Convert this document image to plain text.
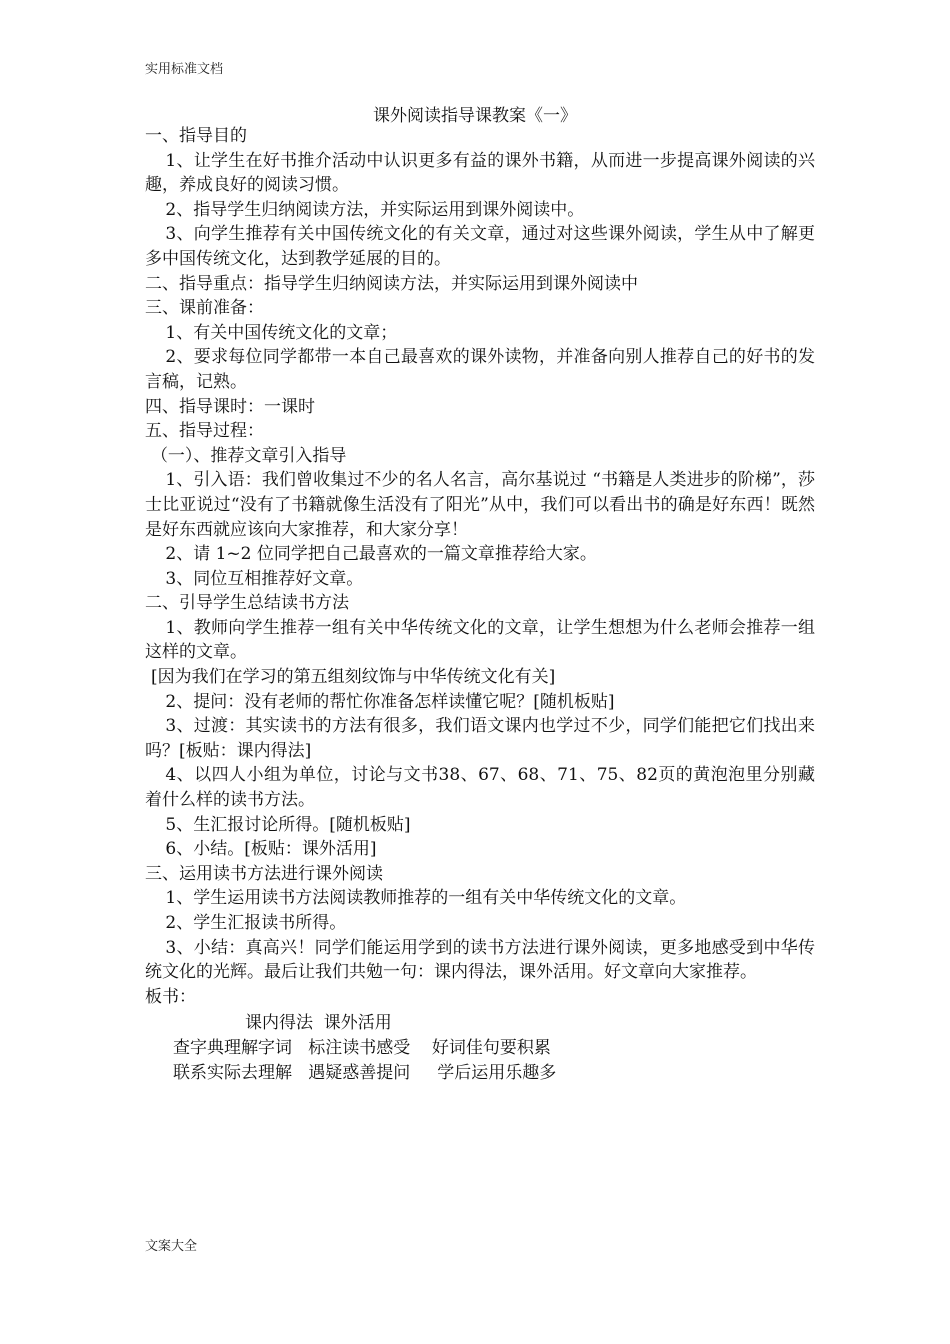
实用标准文档
课外阅读指导课教案《一》

一、指导目的

1、让学生在好书推介活动中认识更多有益的课外书籍，从而进一步提高课外阅读的兴趣，养成良好的阅读习惯。

2、指导学生归纳阅读方法，并实际运用到课外阅读中。

3、向学生推荐有关中国传统文化的有关文章，通过对这些课外阅读，学生从中了解更多中国传统文化，达到教学延展的目的。

二、指导重点：指导学生归纳阅读方法，并实际运用到课外阅读中

三、课前准备：

1、有关中国传统文化的文章；

2、要求每位同学都带一本自己最喜欢的课外读物，并准备向别人推荐自己的好书的发言稿，记熟。

四、指导课时：一课时

五、指导过程：

（一）、推荐文章引入指导

1、引入语：我们曾收集过不少的名人名言，高尔基说过 “书籍是人类进步的阶梯”，莎士比亚说过“没有了书籍就像生活没有了阳光”从中，我们可以看出书的确是好东西！既然是好东西就应该向大家推荐，和大家分享！

2、请 1~2 位同学把自己最喜欢的一篇文章推荐给大家。

3、同位互相推荐好文章。

二、引导学生总结读书方法

1、教师向学生推荐一组有关中华传统文化的文章，让学生想想为什么老师会推荐一组这样的文章。

[因为我们在学习的第五组刻纹饰与中华传统文化有关]

2、提问：没有老师的帮忙你准备怎样读懂它呢？[随机板贴]

3、过渡：其实读书的方法有很多，我们语文课内也学过不少，同学们能把它们找出来吗？[板贴：课内得法]

4、以四人小组为单位，讨论与文书38、67、68、71、75、82页的黄泡泡里分别藏着什么样的读书方法。

5、生汇报讨论所得。[随机板贴]

6、小结。[板贴：课外活用]

三、运用读书方法进行课外阅读

1、学生运用读书方法阅读教师推荐的一组有关中华传统文化的文章。

2、学生汇报读书所得。

3、小结：真高兴！同学们能运用学到的读书方法进行课外阅读，更多地感受到中华传统文化的光辉。最后让我们共勉一句：课内得法，课外活用。好文章向大家推荐。

板书：

课内得法  课外活用
查字典理解字词   标注读书感受    好词佳句要积累
联系实际去理解   遇疑惑善提问     学后运用乐趣多
文案大全
